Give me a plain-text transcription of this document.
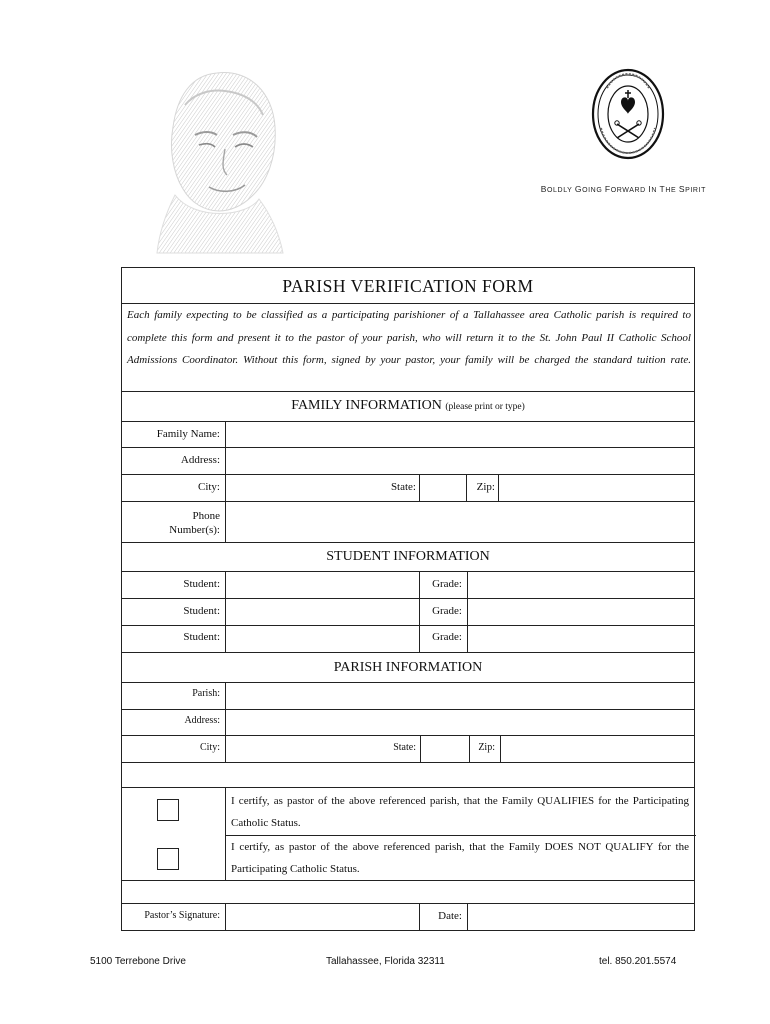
BOLDLY GOING FORWARD IN THE SPIRIT
PARISH VERIFICATION FORM
Each family expecting to be classified as a participating parishioner of a Tallahassee area Catholic parish is required to complete this form and present it to the pastor of your parish, who will return it to the St. John Paul II Catholic School Admissions Coordinator. Without this form, signed by your pastor, your family will be charged the standard tuition rate.
FAMILY INFORMATION (please print or type)
Family Name:
Address:
City:	State:	Zip:
Phone Number(s):
STUDENT INFORMATION
Student:	Grade:
Student:	Grade:
Student:	Grade:
PARISH INFORMATION
Parish:
Address:
City:	State:	Zip:
I certify, as pastor of the above referenced parish, that the Family QUALIFIES for the Participating Catholic Status.
I certify, as pastor of the above referenced parish, that the Family DOES NOT QUALIFY for the Participating Catholic Status.
Pastor’s Signature:	Date:
5100 Terrebone Drive	Tallahassee, Florida 32311	tel. 850.201.5574
